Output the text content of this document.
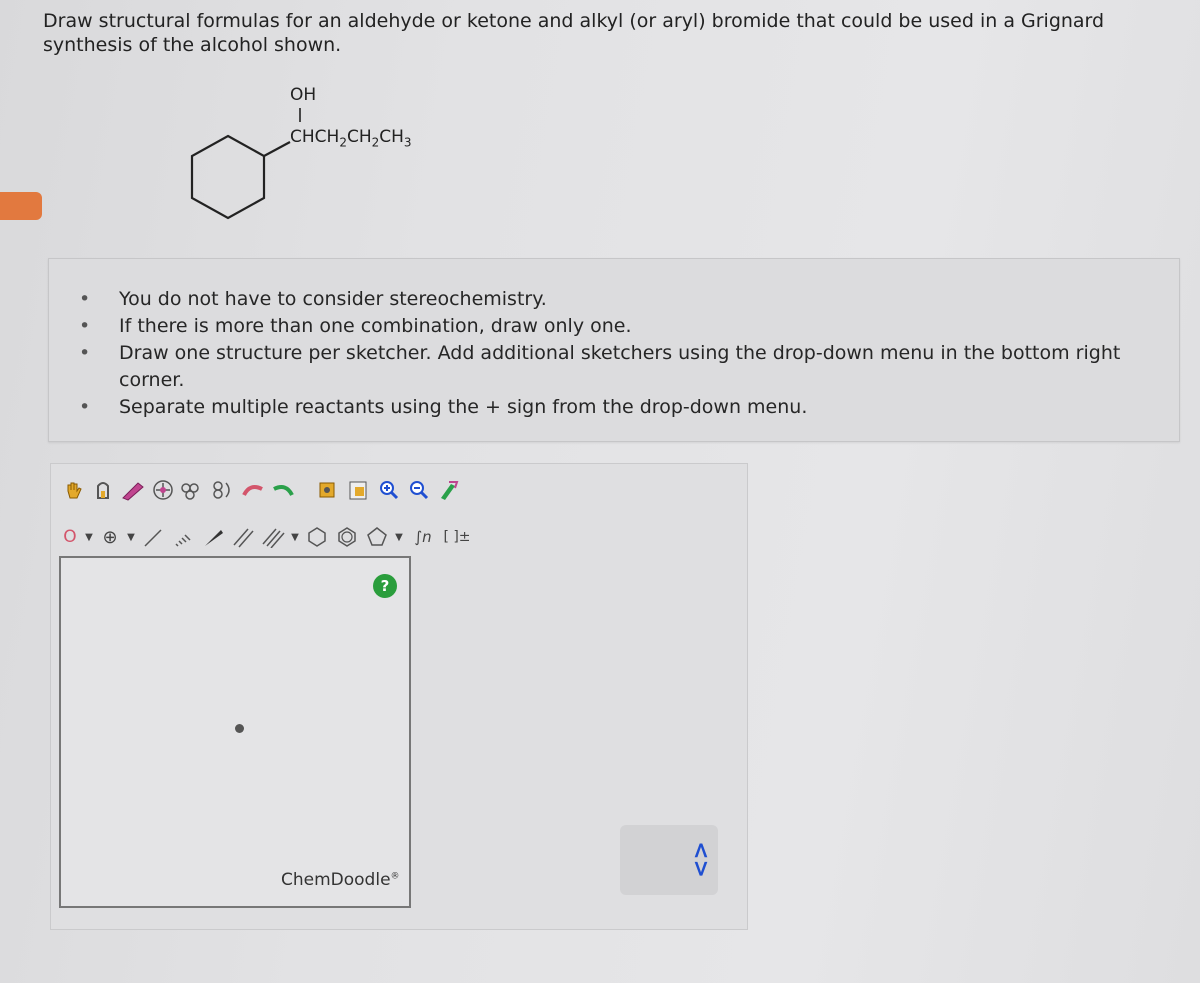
Draw structural formulas for an aldehyde or ketone and alkyl (or aryl) bromide that could be used in a Grignard synthesis of the alcohol shown.
OH
$CHCH_2CH_2CH_3$
• You do not have to consider stereochemistry.
• If there is more than one combination, draw only one.
• Draw one structure per sketcher. Add additional sketchers using the drop-down menu in the bottom right corner.
• Separate multiple reactants using the + sign from the drop-down menu.
O ▼ ⊕ ▼	▼	▼ ∫n [ ]±
?
ChemDoodle®	<>
